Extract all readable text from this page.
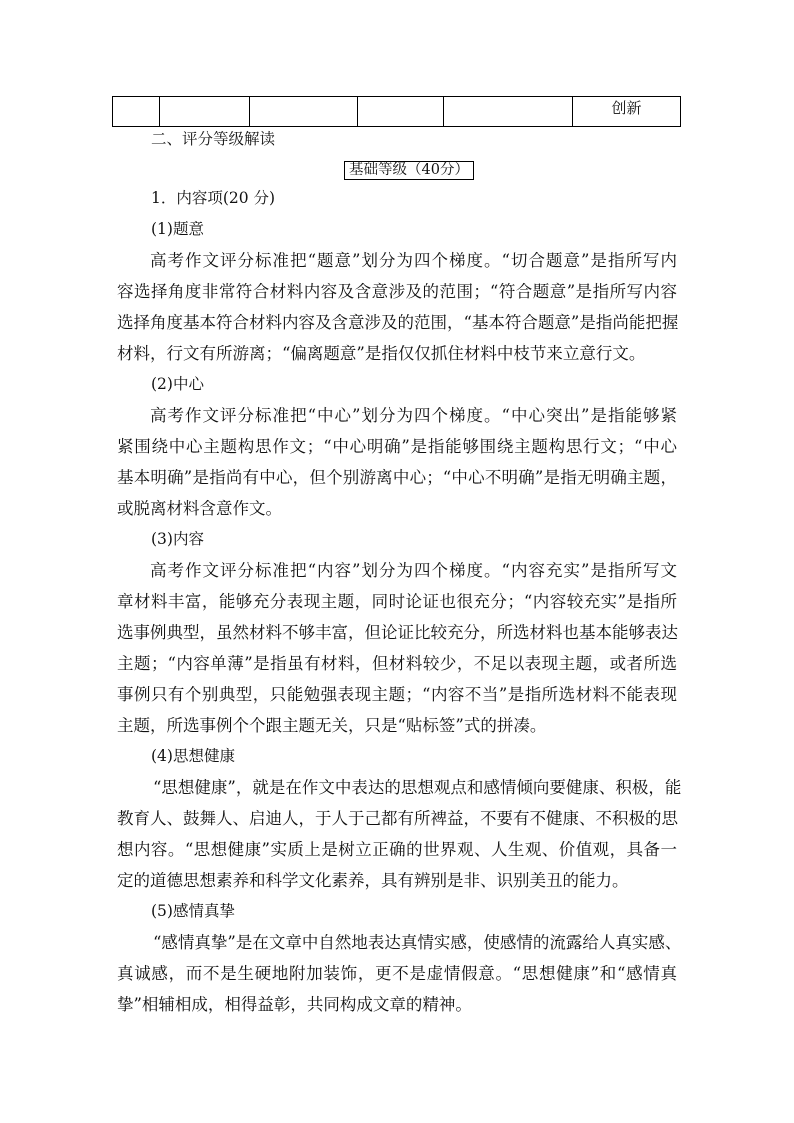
					创新
二、评分等级解读
基础等级（40分）
1．内容项(20 分)
(1)题意
高考作文评分标准把“题意”划分为四个梯度。“切合题意”是指所写内
容选择角度非常符合材料内容及含意涉及的范围；“符合题意”是指所写内容
选择角度基本符合材料内容及含意涉及的范围，“基本符合题意”是指尚能把握
材料，行文有所游离；“偏离题意”是指仅仅抓住材料中枝节来立意行文。
(2)中心
高考作文评分标准把“中心”划分为四个梯度。“中心突出”是指能够紧
紧围绕中心主题构思作文；“中心明确”是指能够围绕主题构思行文；“中心
基本明确”是指尚有中心，但个别游离中心；“中心不明确”是指无明确主题，
或脱离材料含意作文。
(3)内容
高考作文评分标准把“内容”划分为四个梯度。“内容充实”是指所写文
章材料丰富，能够充分表现主题，同时论证也很充分；“内容较充实”是指所
选事例典型，虽然材料不够丰富，但论证比较充分，所选材料也基本能够表达
主题；“内容单薄”是指虽有材料，但材料较少，不足以表现主题，或者所选
事例只有个别典型，只能勉强表现主题；“内容不当”是指所选材料不能表现
主题，所选事例个个跟主题无关，只是“贴标签”式的拼凑。
(4)思想健康
“思想健康”，就是在作文中表达的思想观点和感情倾向要健康、积极，能
教育人、鼓舞人、启迪人，于人于己都有所裨益，不要有不健康、不积极的思
想内容。“思想健康”实质上是树立正确的世界观、人生观、价值观，具备一
定的道德思想素养和科学文化素养，具有辨别是非、识别美丑的能力。
(5)感情真挚
“感情真挚”是在文章中自然地表达真情实感，使感情的流露给人真实感、
真诚感，而不是生硬地附加装饰，更不是虚情假意。“思想健康”和“感情真
挚”相辅相成，相得益彰，共同构成文章的精神。
